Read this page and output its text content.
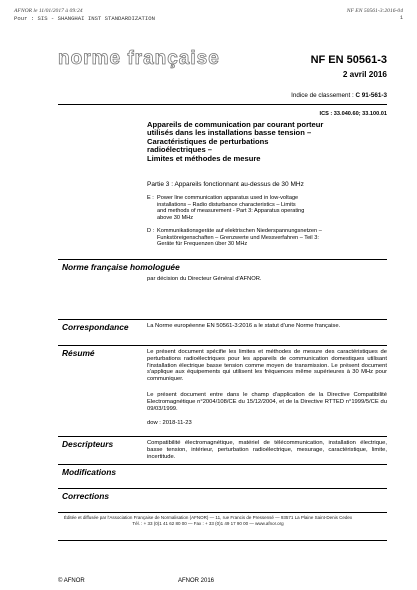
AFNOR le 11/01/2017 à 09:24
Pour : SIS - SHANGHAI INST STANDARDIZATION
NF EN 50561-3:2016-04
1
norme française	NF EN 50561-3
2 avril 2016
Indice de classement : C 91-561-3
ICS : 33.040.60; 33.100.01
Appareils de communication par courant porteur
utilisés dans les installations basse tension –
Caractéristiques de perturbations
radioélectriques –
Limites et méthodes de mesure
Partie 3 : Appareils fonctionnant au-dessus de 30 MHz
E : Power line communication apparatus used in low-voltage
installations – Radio disturbance characteristics – Limits
and methods of measurement - Part 3: Apparatus operating
above 30 MHz
D : Kommunikationsgeräte auf elektrischen Niederspannungsnetzen –
Funkstöreigenschaften – Grenzwerte und Messverfahren – Teil 3:
Geräte für Frequenzen über 30 MHz
Norme française homologuée
par décision du Directeur Général d'AFNOR.
Correspondance	La Norme européenne EN 50561-3:2016 a le statut d'une Norme française.
Résumé	Le présent document spécifie les limites et méthodes de mesure des caractéristiques de perturbations radioélectriques pour les appareils de communication domestiques utilisant l'installation électrique basse tension comme moyen de transmission. Le présent document s'applique aux équipements qui utilisent les fréquences même supérieures à 30 MHz pour communiquer.
Le présent document entre dans le champ d'application de la Directive Compatibilité Electromagnétique n°2004/108/CE du 15/12/2004, et de la Directive RTTED n°1999/5/CE du 09/03/1999.
dow : 2018-11-23
Descripteurs	Compatibilité électromagnétique, matériel de télécommunication, installation électrique, basse tension, intérieur, perturbation radioélectrique, mesurage, caractéristique, limite, incertitude.
Modifications
Corrections
Éditée et diffusée par l'Association Française de Normalisation (AFNOR) — 11, rue Francis de Pressensé — 93571 La Plaine Saint-Denis Cedex
Tél. : + 33 (0)1 41 62 80 00 — Fax : + 33 (0)1 49 17 90 00 — www.afnor.org
© AFNOR	AFNOR 2016
